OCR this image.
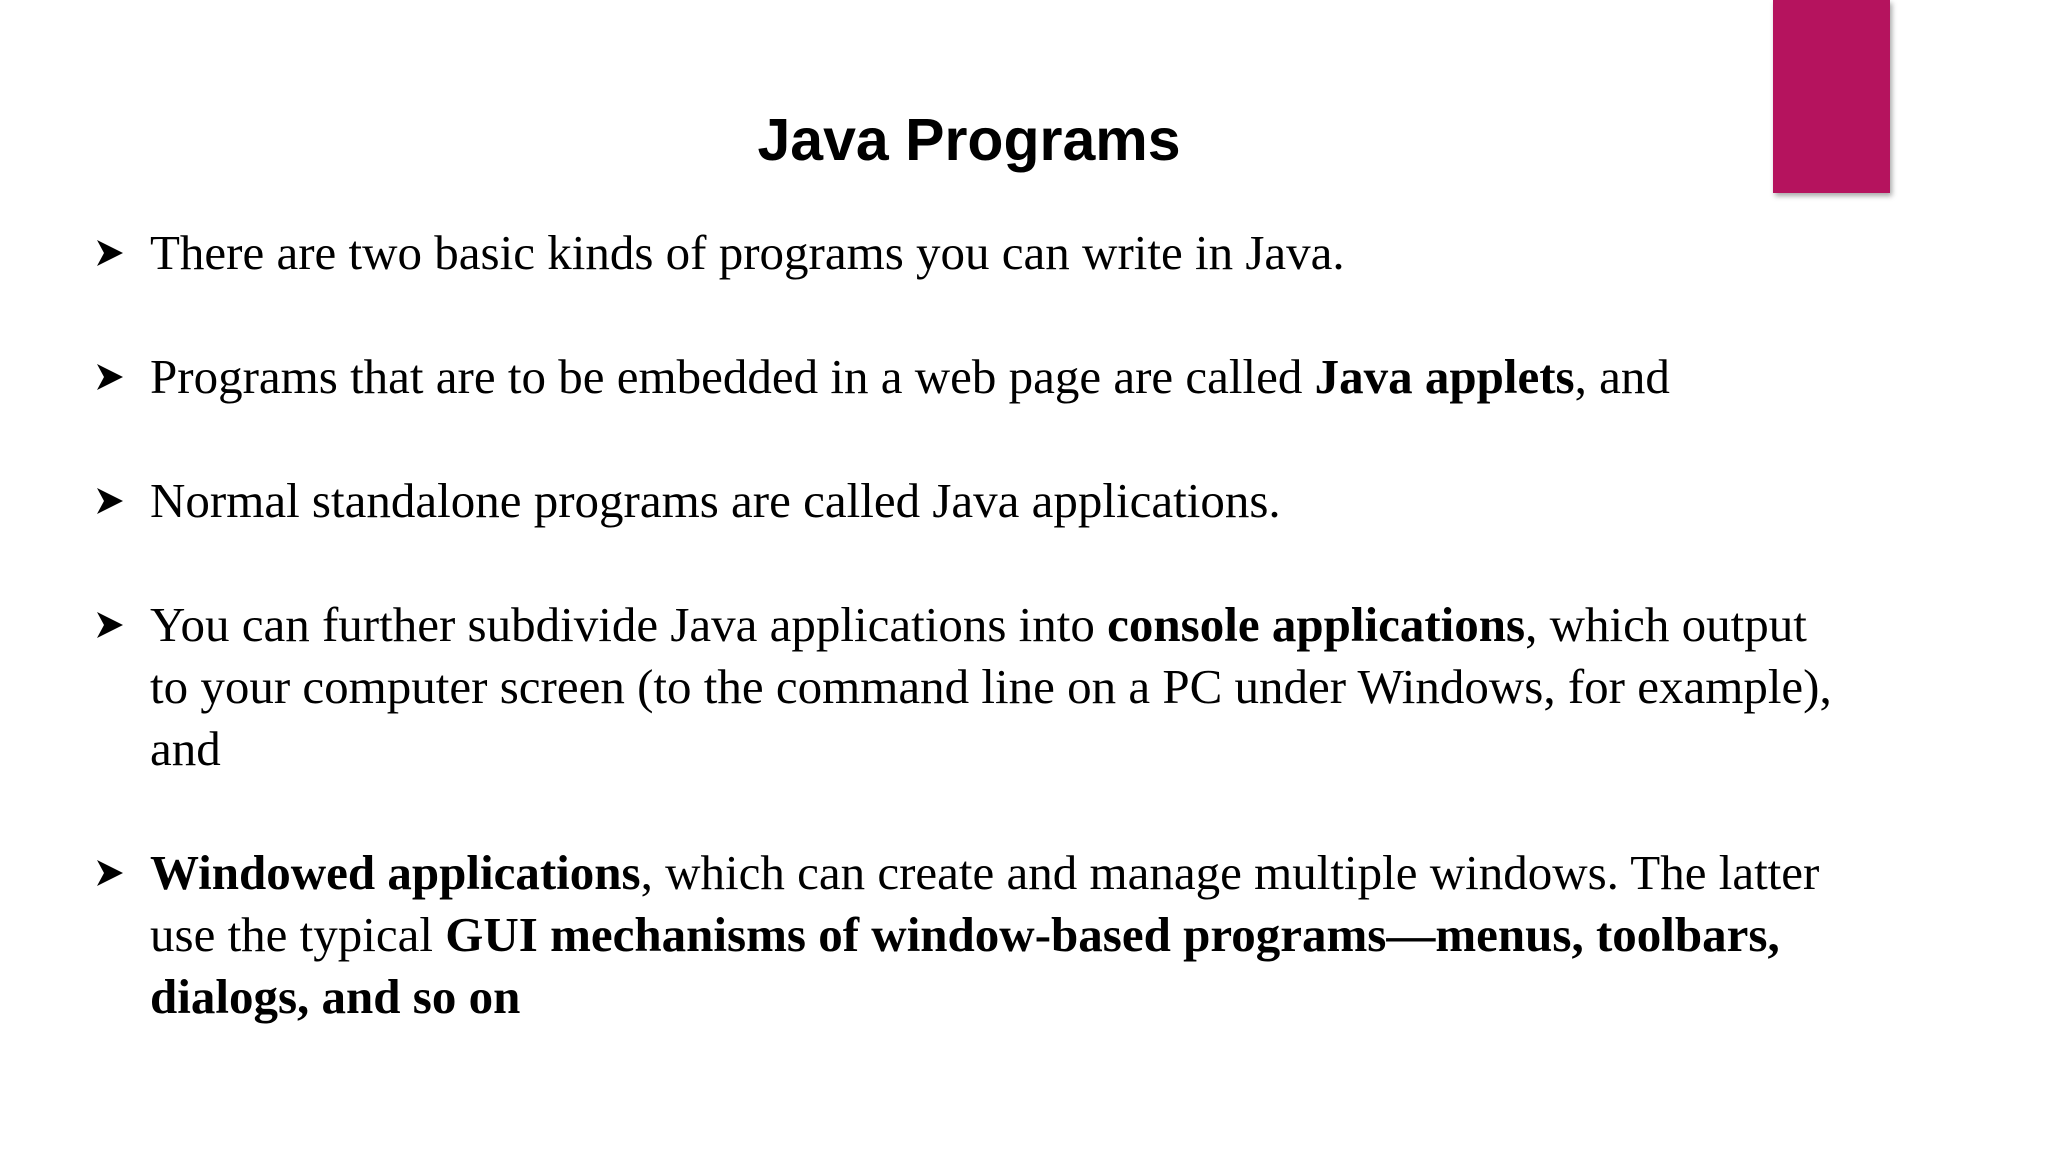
Java Programs
There are two basic kinds of programs you can write in Java.
Programs that are to be embedded in a web page are called Java applets, and
Normal standalone programs are called Java applications.
You can further subdivide Java applications into console applications, which output to your computer screen (to the command line on a PC under Windows, for example), and
Windowed applications, which can create and manage multiple windows. The latter use the typical GUI mechanisms of window-based programs—menus, toolbars, dialogs, and so on
